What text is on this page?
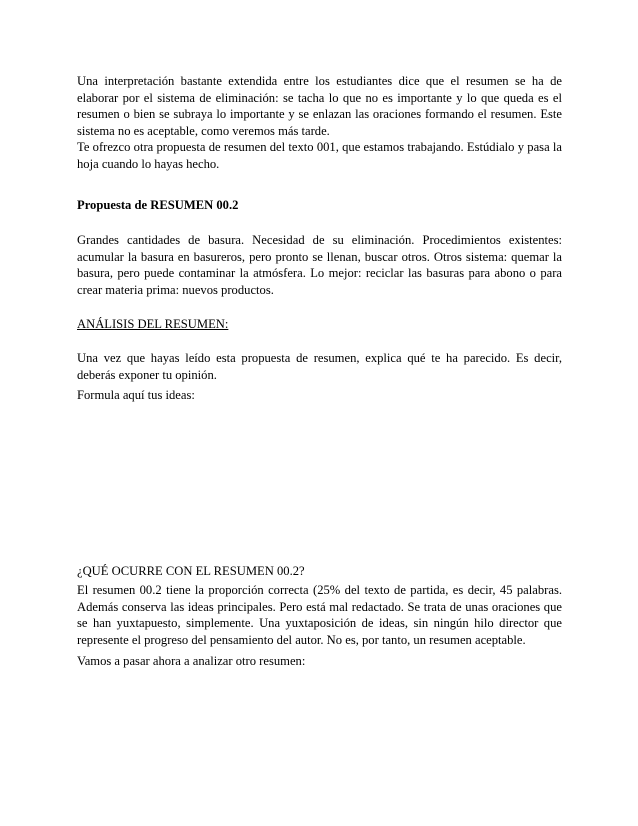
Una interpretación bastante extendida entre los estudiantes dice que el resumen se ha de elaborar por el sistema de eliminación: se tacha lo que no es importante y lo que queda es el resumen o bien se subraya lo importante y se enlazan las oraciones formando el resumen. Este sistema no es aceptable, como veremos más tarde.

Te ofrezco otra propuesta de resumen del texto 001, que estamos trabajando. Estúdialo y pasa la hoja cuando lo hayas hecho.

Propuesta de RESUMEN 00.2

Grandes cantidades de basura. Necesidad de su eliminación. Procedimientos existentes: acumular la basura en basureros, pero pronto se llenan, buscar otros. Otros sistema: quemar la basura, pero puede contaminar la atmósfera. Lo mejor: reciclar las basuras para abono o para crear materia prima: nuevos productos.

ANÁLISIS DEL RESUMEN:

Una vez que hayas leído esta propuesta de resumen, explica qué te ha parecido. Es decir, deberás exponer tu opinión.

Formula aquí tus ideas:

¿QUÉ OCURRE CON EL RESUMEN 00.2?

El resumen 00.2 tiene la proporción correcta (25% del texto de partida, es decir, 45 palabras. Además conserva las ideas principales. Pero está mal redactado. Se trata de unas oraciones que se han yuxtapuesto, simplemente. Una yuxtaposición de ideas, sin ningún hilo director que represente el progreso del pensamiento del autor. No es, por tanto, un resumen aceptable.

Vamos a pasar ahora a analizar otro resumen:
